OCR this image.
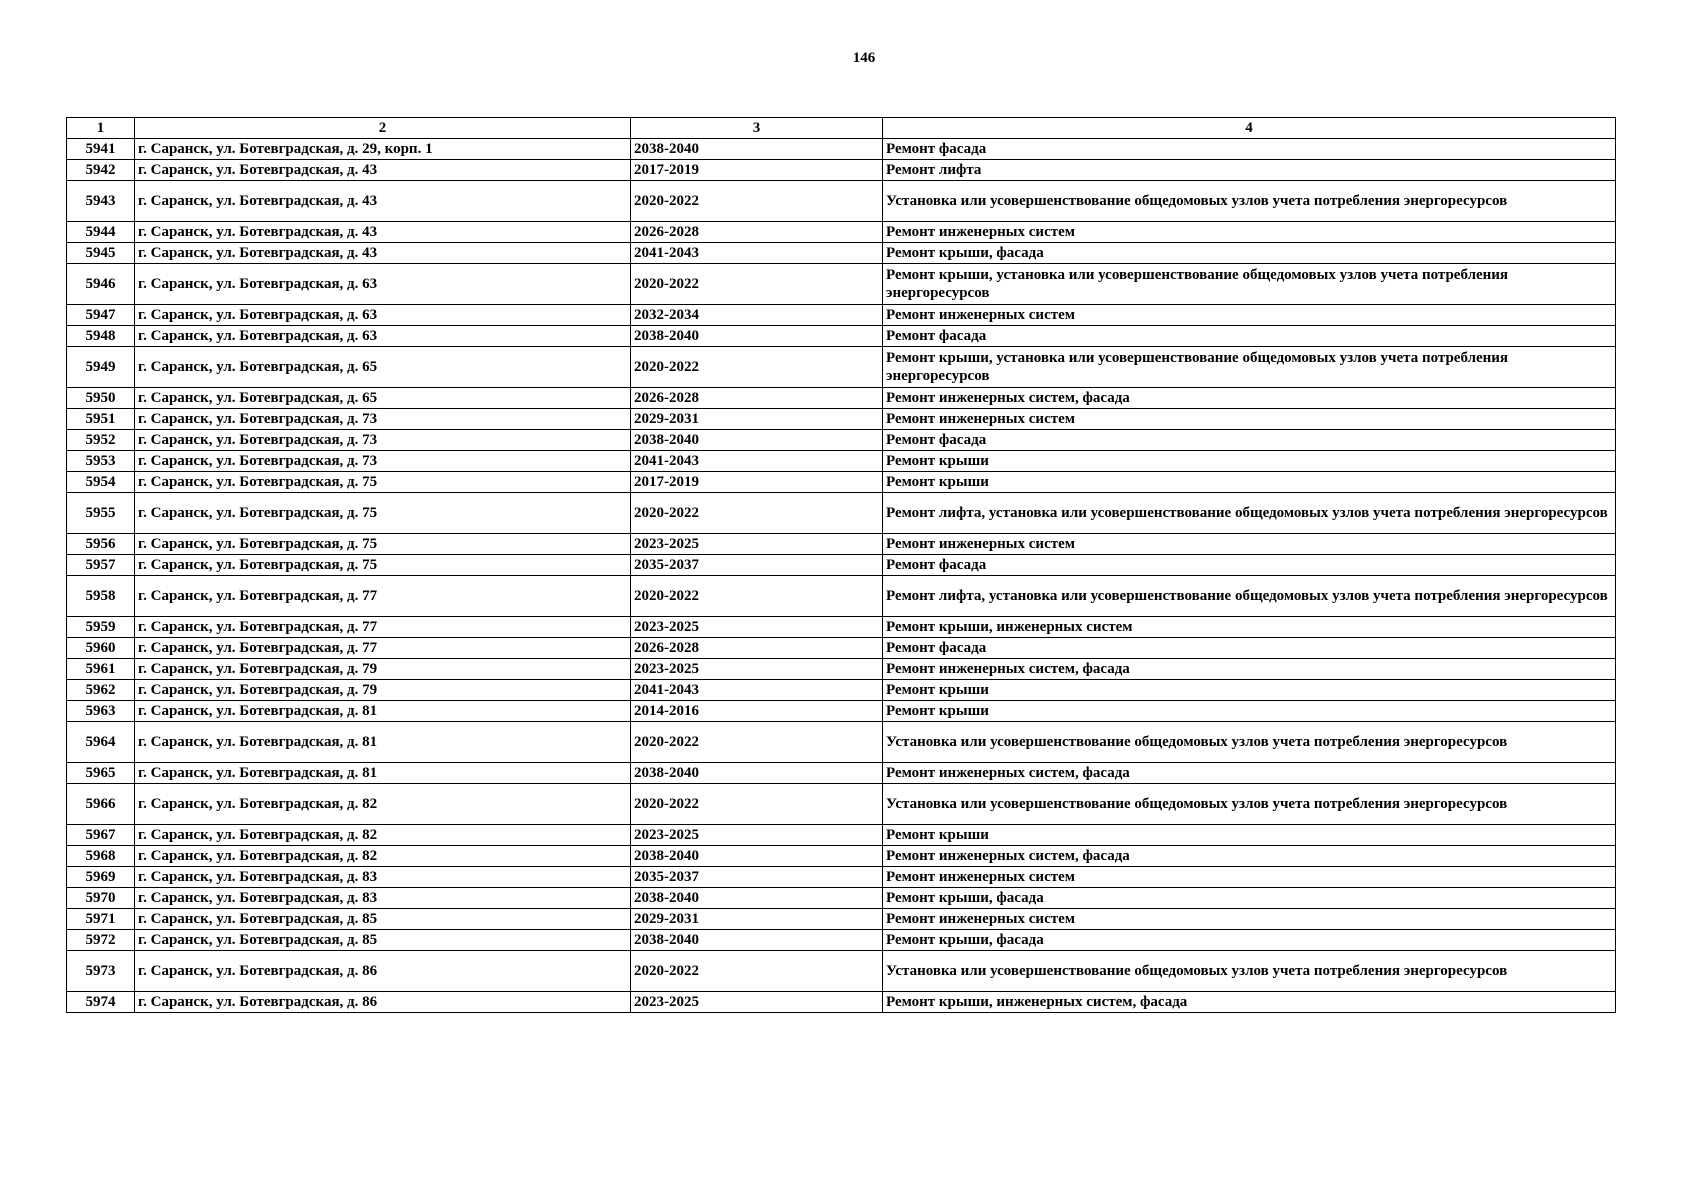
146
1	2	3	4
5941	г. Саранск, ул. Ботевградская, д. 29, корп. 1	2038-2040	Ремонт фасада
5942	г. Саранск, ул. Ботевградская, д. 43	2017-2019	Ремонт лифта
5943	г. Саранск, ул. Ботевградская, д. 43	2020-2022	Установка или усовершенствование общедомовых узлов учета потребления энергоресурсов
5944	г. Саранск, ул. Ботевградская, д. 43	2026-2028	Ремонт инженерных систем
5945	г. Саранск, ул. Ботевградская, д. 43	2041-2043	Ремонт крыши, фасада
5946	г. Саранск, ул. Ботевградская, д. 63	2020-2022	Ремонт крыши, установка или усовершенствование общедомовых узлов учета потребления энергоресурсов
5947	г. Саранск, ул. Ботевградская, д. 63	2032-2034	Ремонт инженерных систем
5948	г. Саранск, ул. Ботевградская, д. 63	2038-2040	Ремонт фасада
5949	г. Саранск, ул. Ботевградская, д. 65	2020-2022	Ремонт крыши, установка или усовершенствование общедомовых узлов учета потребления энергоресурсов
5950	г. Саранск, ул. Ботевградская, д. 65	2026-2028	Ремонт инженерных систем, фасада
5951	г. Саранск, ул. Ботевградская, д. 73	2029-2031	Ремонт инженерных систем
5952	г. Саранск, ул. Ботевградская, д. 73	2038-2040	Ремонт фасада
5953	г. Саранск, ул. Ботевградская, д. 73	2041-2043	Ремонт крыши
5954	г. Саранск, ул. Ботевградская, д. 75	2017-2019	Ремонт крыши
5955	г. Саранск, ул. Ботевградская, д. 75	2020-2022	Ремонт лифта, установка или усовершенствование общедомовых узлов учета потребления энергоресурсов
5956	г. Саранск, ул. Ботевградская, д. 75	2023-2025	Ремонт инженерных систем
5957	г. Саранск, ул. Ботевградская, д. 75	2035-2037	Ремонт фасада
5958	г. Саранск, ул. Ботевградская, д. 77	2020-2022	Ремонт лифта, установка или усовершенствование общедомовых узлов учета потребления энергоресурсов
5959	г. Саранск, ул. Ботевградская, д. 77	2023-2025	Ремонт крыши, инженерных систем
5960	г. Саранск, ул. Ботевградская, д. 77	2026-2028	Ремонт фасада
5961	г. Саранск, ул. Ботевградская, д. 79	2023-2025	Ремонт инженерных систем, фасада
5962	г. Саранск, ул. Ботевградская, д. 79	2041-2043	Ремонт крыши
5963	г. Саранск, ул. Ботевградская, д. 81	2014-2016	Ремонт крыши
5964	г. Саранск, ул. Ботевградская, д. 81	2020-2022	Установка или усовершенствование общедомовых узлов учета потребления энергоресурсов
5965	г. Саранск, ул. Ботевградская, д. 81	2038-2040	Ремонт инженерных систем, фасада
5966	г. Саранск, ул. Ботевградская, д. 82	2020-2022	Установка или усовершенствование общедомовых узлов учета потребления энергоресурсов
5967	г. Саранск, ул. Ботевградская, д. 82	2023-2025	Ремонт крыши
5968	г. Саранск, ул. Ботевградская, д. 82	2038-2040	Ремонт инженерных систем, фасада
5969	г. Саранск, ул. Ботевградская, д. 83	2035-2037	Ремонт инженерных систем
5970	г. Саранск, ул. Ботевградская, д. 83	2038-2040	Ремонт крыши, фасада
5971	г. Саранск, ул. Ботевградская, д. 85	2029-2031	Ремонт инженерных систем
5972	г. Саранск, ул. Ботевградская, д. 85	2038-2040	Ремонт крыши, фасада
5973	г. Саранск, ул. Ботевградская, д. 86	2020-2022	Установка или усовершенствование общедомовых узлов учета потребления энергоресурсов
5974	г. Саранск, ул. Ботевградская, д. 86	2023-2025	Ремонт крыши, инженерных систем, фасада
